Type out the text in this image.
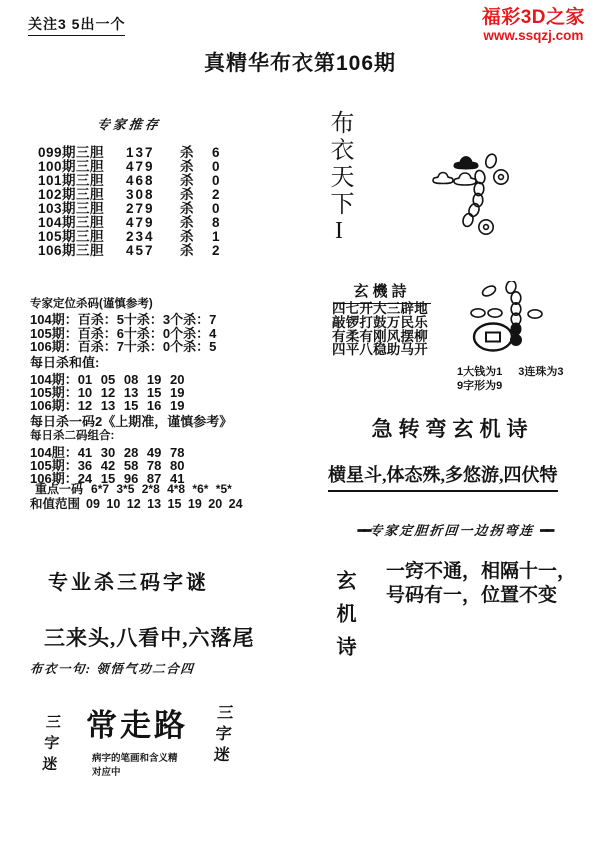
关注3 5出一个
真精华布衣第106期
福彩3D之家
www.ssqzj.com
专家推存
099期三胆	137	杀	6
100期三胆	479	杀	0
101期三胆	468	杀	0
102期三胆	308	杀	2
103期三胆	279	杀	0
104期三胆	479	杀	8
105期三胆	234	杀	1
106期三胆	457	杀	2
专家定位杀码(谨慎参考)
104期：百杀：5十杀：3个杀：7
105期：百杀：6十杀：0个杀：4
106期：百杀：7十杀：0个杀：5
每日杀和值:
104期：01 05 08 19 20
105期：10 12 13 15 19
106期：12 13 15 16 19
每日杀一码2《上期准，谨慎参考》
每日杀二码组合:
104胆：41 30 28 49 78
105期：36 42 58 78 80
106期：24 15 96 87 41
重点一码 6*7 3*5 2*8 4*8 *6* *5*
和值范围 09 10 12 13 15 19 20 24
专业杀三码字谜
三来头,八看中,六落尾
布衣一句: 领悟气功二合四
三字迷 常走路 三字迷
病字的笔画和含义精
对应中
布衣天下I
玄機詩
四七开大三辟地
敲锣打鼓万民乐
有柔有刚风摆柳
四平八稳助马开
1大钱为1 3连珠为3
9字形为9
急转弯玄机诗
横星斗,体态殊,多悠游,四伏特
━━专家定胆折回一边拐弯连 ━━
玄机诗 一窍不通，相隔十一，
号码有一，位置不变
